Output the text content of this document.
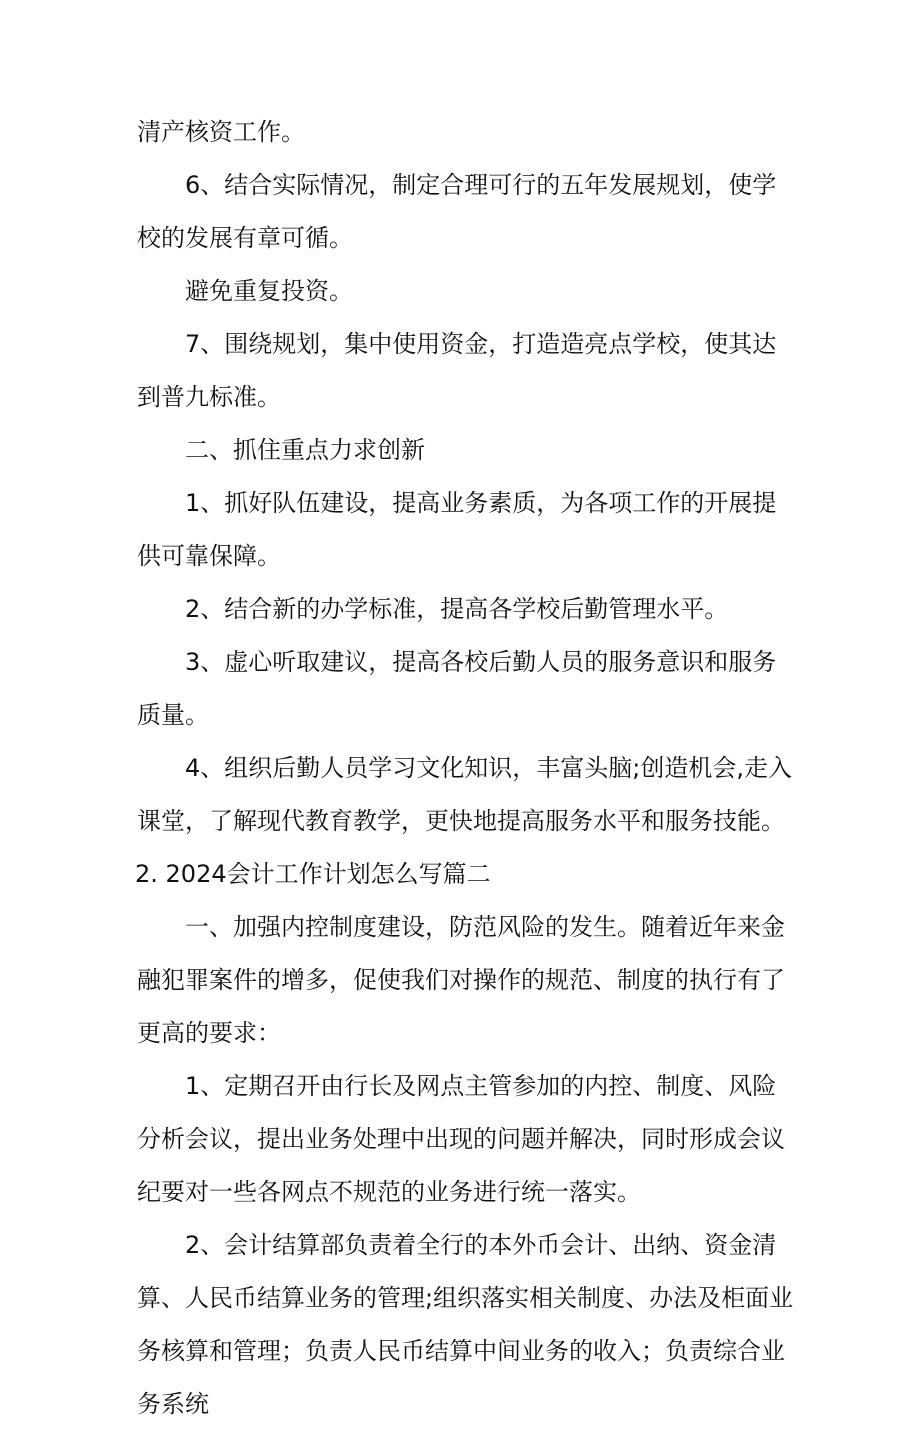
清产核资工作。

6、结合实际情况，制定合理可行的五年发展规划，使学校的发展有章可循。

避免重复投资。

7、围绕规划，集中使用资金，打造造亮点学校，使其达到普九标准。

二、抓住重点力求创新

1、抓好队伍建设，提高业务素质，为各项工作的开展提供可靠保障。

2、结合新的办学标准，提高各学校后勤管理水平。

3、虚心听取建议，提高各校后勤人员的服务意识和服务质量。

4、组织后勤人员学习文化知识，丰富头脑;创造机会,走入课堂，了解现代教育教学，更快地提高服务水平和服务技能。

2. 2024会计工作计划怎么写篇二

一、加强内控制度建设，防范风险的发生。随着近年来金融犯罪案件的增多，促使我们对操作的规范、制度的执行有了更高的要求：

1、定期召开由行长及网点主管参加的内控、制度、风险分析会议，提出业务处理中出现的问题并解决，同时形成会议纪要对一些各网点不规范的业务进行统一落实。

2、会计结算部负责着全行的本外币会计、出纳、资金清算、人民币结算业务的管理;组织落实相关制度、办法及柜面业务核算和管理；负责人民币结算中间业务的收入；负责综合业务系统
